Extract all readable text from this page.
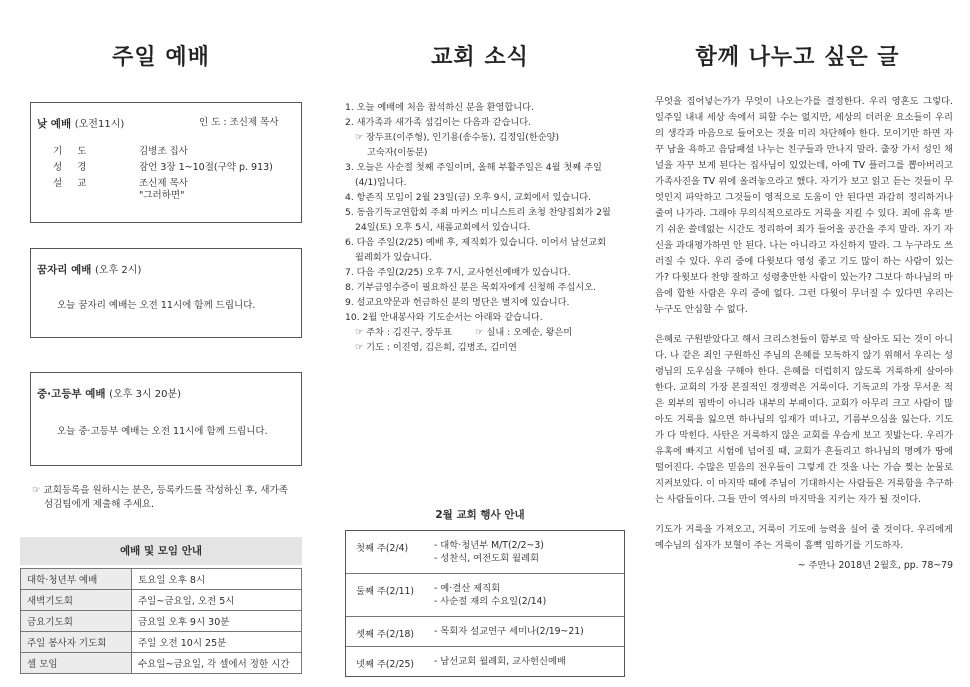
주일 예배
낮 예배 (오전11시)	인 도 : 조신제 목사
기 도	김병조 집사
성 경	잠언 3장 1~10절(구약 p. 913)
설 교	조신제 목사
"그러하면"
꿈자리 예배 (오후 2시)
오늘 꿈자리 예배는 오전 11시에 함께 드립니다.
중·고등부 예배 (오후 3시 20분)
오늘 중·고등부 예배는 오전 11시에 함께 드립니다.
☞ 교회등록을 원하시는 분은, 등록카드를 작성하신 후, 새가족
섬김팀에게 제출해 주세요.
예배 및 모임 안내
대학·청년부 예배	토요일 오후 8시
새벽기도회	주일~금요일, 오전 5시
금요기도회	금요일 오후 9시 30분
주일 봉사자 기도회	주일 오전 10시 25분
셀 모임	수요일~금요일, 각 셀에서 정한 시간
교회 소식
1. 오늘 예배에 처음 참석하신 분을 환영합니다.
2. 새가족과 새가족 섬김이는 다음과 같습니다.
☞ 장두표(이주형), 인기용(송수동), 김정임(한순양)
고숙자(이동분)
3. 오늘은 사순절 첫째 주일이며, 올해 부활주일은 4월 첫째 주일
(4/1)입니다.
4. 항존직 모임이 2월 23일(금) 오후 9시, 교회에서 있습니다.
5. 동읍기독교연합회 주최 마커스 미니스트리 초청 찬양집회가 2월
24일(토) 오후 5시, 새롬교회에서 있습니다.
6. 다음 주일(2/25) 예배 후, 제직회가 있습니다. 이어서 남선교회
월례회가 있습니다.
7. 다음 주일(2/25) 오후 7시, 교사헌신예배가 있습니다.
8. 기부금영수증이 필요하신 분은 목회자에게 신청해 주십시오.
9. 설교요약문과 헌금하신 분의 명단은 별지에 있습니다.
10. 2월 안내봉사와 기도순서는 아래와 같습니다.
☞ 주차 : 김진구, 장두표        ☞ 실내 : 오예순, 왕은미
☞ 기도 : 이진영, 김은희, 김병조, 김미연
2월 교회 행사 안내
첫째 주(2/4)	- 대학·청년부 M/T(2/2~3)
- 성찬식, 여전도회 월례회
둘째 주(2/11) - 예·결산 제직회
- 사순절 재의 수요일(2/14)
셋째 주(2/18) - 목회자 설교연구 세미나(2/19~21)
넷째 주(2/25) - 남선교회 월례회, 교사헌신예배
함께 나누고 싶은 글

무엇을 집어넣는가가 무엇이 나오는가를 결정한다. 우리 영혼도 그렇다. 일주일 내내 세상 속에서 피할 수는 없지만, 세상의 더러운 요소들이 우리의 생각과 마음으로 들어오는 것을 미리 차단해야 한다. 모이기만 하면 자꾸 남을 욕하고 음담패설 나누는 친구들과 만나지 말라. 출장 가서 성인 채널을 자꾸 보게 된다는 집사님이 있었는데, 아예 TV 플러그를 뽑아버리고 가족사진을 TV 위에 올려놓으라고 했다. 자기가 보고 읽고 듣는 것들이 무엇인지 파악하고 그것들이 영적으로 도움이 안 된다면 과감히 정리하거나 줄여 나가라. 그래야 무의식적으로라도 거룩을 지킬 수 있다. 죄에 유혹 받기 쉬운 쓸데없는 시간도 정리하여 죄가 들어올 공간을 주지 말라. 자기 자신을 과대평가하면 안 된다. 나는 아니라고 자신하지 말라. 그 누구라도 쓰러질 수 있다. 우리 중에 다윗보다 영성 좋고 기도 많이 하는 사람이 있는가? 다윗보다 찬양 잘하고 성령충만한 사람이 있는가? 그보다 하나님의 마음에 합한 사람은 우리 중에 없다. 그런 다윗이 무너질 수 있다면 우리는 누구도 안심할 수 없다.

은혜로 구원받았다고 해서 크리스천들이 함부로 막 살아도 되는 것이 아니다. 나 같은 죄인 구원하신 주님의 은혜를 모독하지 않기 위해서 우리는 성령님의 도우심을 구해야 한다. 은혜를 더럽히지 않도록 거룩하게 살아야 한다. 교회의 가장 본질적인 경쟁력은 거룩이다. 기독교의 가장 무서운 적은 외부의 핍박이 아니라 내부의 부패이다. 교회가 아무리 크고 사람이 많아도 거룩을 잃으면 하나님의 임재가 떠나고, 기름부으심을 잃는다. 기도가 다 막힌다. 사탄은 거룩하지 않은 교회를 우습게 보고 짓밟는다. 우리가 유혹에 빠지고 시험에 넘어질 때, 교회가 흔들리고 하나님의 명예가 땅에 떨어진다. 수많은 믿음의 전우들이 그렇게 간 것을 나는 가슴 찢는 눈물로 지켜보았다. 이 마지막 때에 주님이 기대하시는 사람들은 거룩함을 추구하는 사람들이다. 그들 만이 역사의 마지막을 지키는 자가 될 것이다.

기도가 거룩을 가져오고, 거룩이 기도에 능력을 실어 줄 것이다. 우리에게 예수님의 십자가 보혈이 주는 거룩이 흠뻑 임하기를 기도하자.

~ 주만나 2018년 2월호, pp. 78~79
